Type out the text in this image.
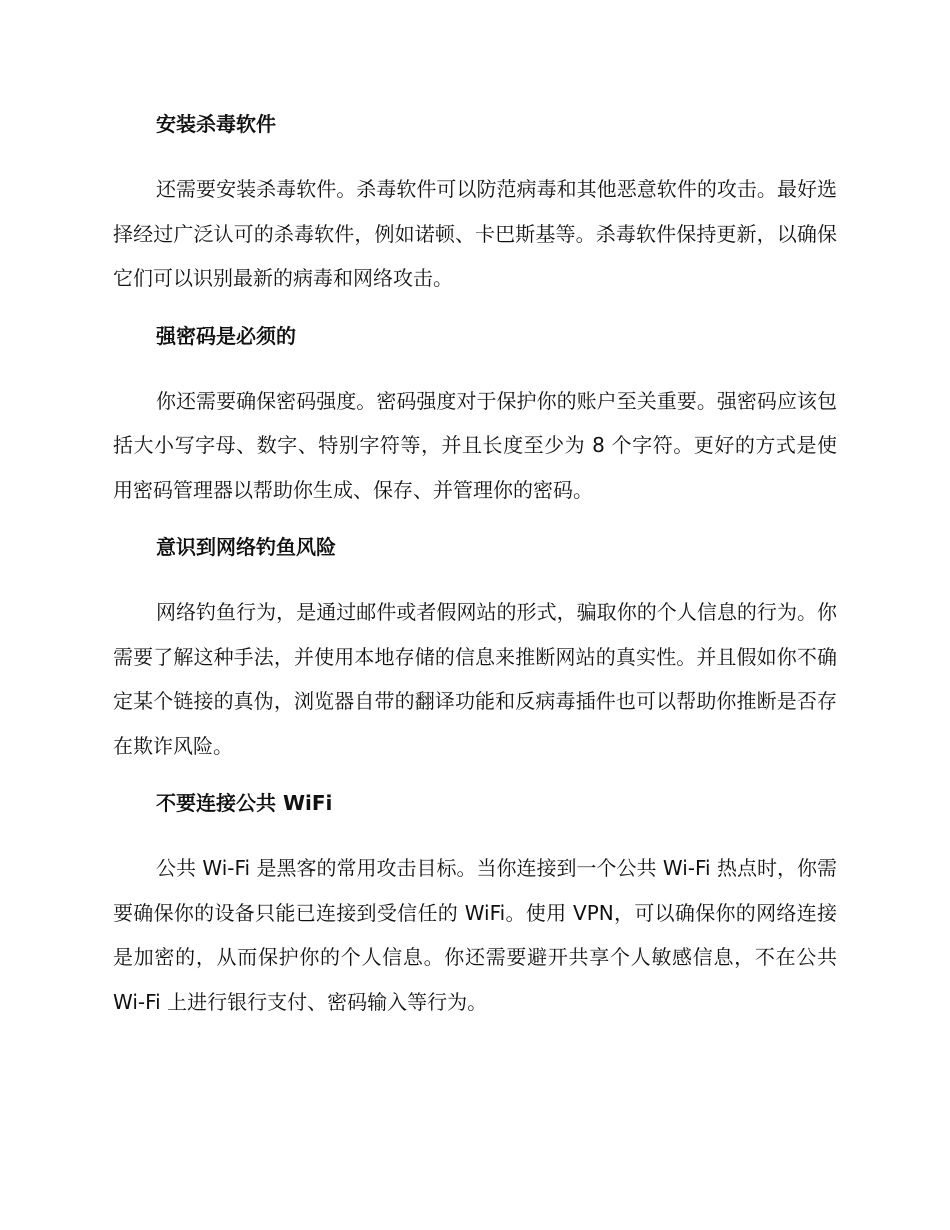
安装杀毒软件

还需要安装杀毒软件。杀毒软件可以防范病毒和其他恶意软件的攻击。最好选择经过广泛认可的杀毒软件，例如诺顿、卡巴斯基等。杀毒软件保持更新，以确保它们可以识别最新的病毒和网络攻击。

强密码是必须的

你还需要确保密码强度。密码强度对于保护你的账户至关重要。强密码应该包括大小写字母、数字、特别字符等，并且长度至少为 8 个字符。更好的方式是使用密码管理器以帮助你生成、保存、并管理你的密码。

意识到网络钓鱼风险

网络钓鱼行为，是通过邮件或者假网站的形式，骗取你的个人信息的行为。你需要了解这种手法，并使用本地存储的信息来推断网站的真实性。并且假如你不确定某个链接的真伪，浏览器自带的翻译功能和反病毒插件也可以帮助你推断是否存在欺诈风险。

不要连接公共 WiFi

公共 Wi-Fi 是黑客的常用攻击目标。当你连接到一个公共 Wi-Fi 热点时，你需要确保你的设备只能已连接到受信任的 WiFi。使用 VPN，可以确保你的网络连接是加密的，从而保护你的个人信息。你还需要避开共享个人敏感信息，不在公共 Wi-Fi 上进行银行支付、密码输入等行为。
